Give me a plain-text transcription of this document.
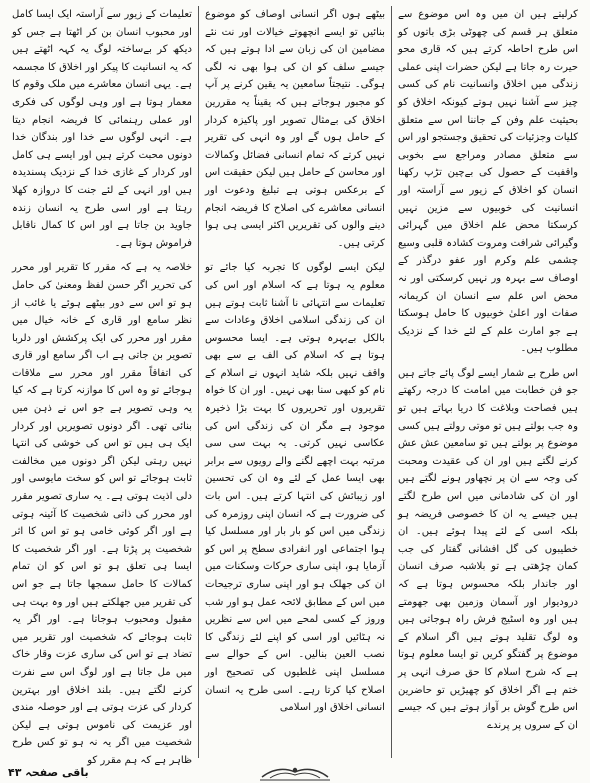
کرلیتے ہیں ان میں وہ اس موضوع سے متعلق ہر قسم کی چھوٹی بڑی باتوں کو اس طرح احاطہ کرتے ہیں کہ قاری محو حیرت رہ جاتا ہے لیکن حضرات اپنی عملی زندگی میں اخلاق وانسانیت نام کی کسی چیز سے آشنا نہیں ہوتے کیونکہ اخلاق کو بحیثیت علم وفن کے جاننا اس سے متعلق کلیات وجزئیات کی تحقیق وجستجو اور اس سے متعلق مصادر ومراجع سے بخوبی واقفیت کے حصول کی بےچین تڑپ رکھنا انسان کو اخلاق کے زیور سے آراستہ اور انسانیت کی خوبیوں سے مزین نہیں کرسکتا محض علم اخلاق میں گہرائی وگیرائی شرافت ومروت کشادہ قلبی وسیع چشمی علم وکرم اور عفو درگذر کے اوصاف سے بہرہ ور نہیں کرسکتی اور نہ محض اس علم سے انسان ان کریمانہ صفات اور اعلیٰ خوبیوں کا حامل ہوسکتا ہے جو امارت علم کے لئے خدا کے نزدیک مطلوب ہیں۔

اس طرح بے شمار ایسے لوگ پائے جاتے ہیں جو فن خطابت میں امامت کا درجہ رکھتے ہیں فصاحت وبلاغت کا دریا بہاتے ہیں تو وہ جب بولتے ہیں تو موتی رولتے ہیں کسی موضوع پر بولتے ہیں تو سامعین عش عش کرنے لگتے ہیں اور ان کی عقیدت ومحبت کی وجہ سے ان پر نچھاور ہونے لگتے ہیں اور ان کی شادمانی میں اس طرح لگتے ہیں جیسے یہ ان کا خصوصی فریضہ ہو بلکہ اسی کے لئے پیدا ہوئے ہیں۔ ان خطیبوں کی گل افشانی گفتار کی جب کمان چڑھتی ہے تو بلاشبہ صرف انسان اور جاندار بلکہ محسوس ہوتا ہے کہ درودیوار اور آسمان وزمین بھی جھومتے ہیں اور وہ اسٹیج فرش راہ ہوجاتی ہیں وہ لوگ تقلید ہوتے ہیں اگر اسلام کے موضوع پر گفتگو کریں تو ایسا معلوم ہوتا ہے کہ شرح اسلام کا حق صرف انہی پر ختم ہے اگر اخلاق کو چھیڑیں تو حاضرین اس طرح گوش بر آواز ہوتے ہیں کہ جیسے ان کے سروں پر پرندے

بیٹھے ہوں اگر انسانی اوصاف کو موضوع بنائیں تو ایسے انچھوتے خیالات اور نت نئے مضامین ان کی زبان سے ادا ہوتے ہیں کہ جیسے سلف کو ان کی ہوا بھی نہ لگی ہوگی۔ نتیجتاً سامعین یہ یقین کرنے پر آپ کو مجبور ہوجاتے ہیں کہ یقیناً یہ مقررین اخلاق کی بےمثال تصویر اور پاکیزہ کردار کے حامل ہوں گے اور وہ انہی کی تقریر نہیں کرتے کہ تمام انسانی فضائل وکمالات اور محاسن کے حامل ہیں لیکن حقیقت اس کے برعکس ہوتی ہے تبلیغ ودعوت اور انسانی معاشرے کی اصلاح کا فریضہ انجام دینے والوں کی تقریریں اکثر ایسی ہی ہوا کرتی ہیں۔

لیکن ایسے لوگوں کا تجربہ کیا جائے تو معلوم یہ ہوتا ہے کہ اسلام اور اس کی تعلیمات سے انتہائی نا آشنا ثابت ہوتے ہیں ان کی زندگی اسلامی اخلاق وعادات سے بالکل بےبہرہ ہوتی ہے۔ ایسا محسوس ہوتا ہے کہ اسلام کی الف بے سے بھی واقف نہیں بلکہ شاید انہوں نے اسلام کے نام کو کبھی سنا بھی نہیں۔ اور ان کا خواہ تقریروں اور تحریروں کا بہت بڑا ذخیرہ موجود ہے مگر ان کی زندگی اس کی عکاسی نہیں کرتی۔ یہ بہت سی سی مرتبہ بہت اچھے لگنے والے رویوں سے برابر بھی ایسا عمل کے لئے وہ ان کی تحسین اور زیبائش کی انتہا کرتے ہیں۔ اس بات کی ضرورت ہے کہ انسان اپنی روزمرہ کی زندگی میں اس کو بار بار اور مسلسل کیا ہوا اجتماعی اور انفرادی سطح پر اس کو آزمایا ہو، اپنی ساری حرکات وسکنات میں ان کی جھلک ہو اور اپنی ساری ترجیحات میں اس کے مطابق لائحہ عمل ہو اور شب وروز کے کسی لمحے میں اس سے نظریں نہ ہٹائیں اور اسی کو اپنے لئے زندگی کا نصب العین بنالیں۔ اس کے حوالے سے مسلسل اپنی غلطیوں کی تصحیح اور اصلاح کیا کرتا رہے۔ اسی طرح یہ انسان انسانی اخلاق اور اسلامی

تعلیمات کے زیور سے آراستہ ایک ایسا کامل اور محبوب انسان بن کر اٹھتا ہے جس کو دیکھ کر بےساختہ لوگ یہ کہہ اٹھتے ہیں کہ یہ انسانیت کا پیکر اور اخلاق کا مجسمہ ہے۔ یہی انسان معاشرے میں ملک وقوم کا معمار ہوتا ہے اور وہی لوگوں کی فکری اور عملی رہنمائی کا فریضہ انجام دیتا ہے۔ انہی لوگوں سے خدا اور بندگان خدا دونوں محبت کرتے ہیں اور ایسے ہی کامل اور کردار کے غازی خدا کے نزدیک پسندیدہ ہیں اور انہی کے لئے جنت کا دروازہ کھلا رہتا ہے اور اسی طرح یہ انسان زندہ جاوید بن جاتا ہے اور اس کا کمال ناقابل فراموش ہوتا ہے۔

خلاصہ یہ ہے کہ مقرر کا تقریر اور محرر کی تحریر اگر حسن لفظ ومعنیٰ کی حامل ہو تو اس سے دور بیٹھے ہوئے یا غائب از نظر سامع اور قاری کے خانہ خیال میں مقرر اور محرر کی ایک پرکشش اور دلربا تصویر بن جاتی ہے اب اگر سامع اور قاری کی اتفاقاً مقرر اور محرر سے ملاقات ہوجائے تو وہ اس کا موازنہ کرتا ہے کہ کیا یہ وہی تصویر ہے جو اس نے ذہن میں بنائی تھی۔ اگر دونوں تصویریں اور کردار ایک ہی ہیں تو اس کی خوشی کی انتہا نہیں رہتی لیکن اگر دونوں میں مخالفت ثابت ہوجائے تو اس کو سخت مایوسی اور دلی اذیت ہوتی ہے۔ یہ ساری تصویر مقرر اور محرر کی ذاتی شخصیت کا آئینہ ہوتی ہے اور اگر کوئی خامی ہو تو اس کا اثر شخصیت پر پڑتا ہے۔ اور اگر شخصیت کا ایسا ہی تعلق ہو تو اس کو ان تمام کمالات کا حامل سمجھا جاتا ہے جو اس کی تقریر میں جھلکتے ہیں اور وہ بہت ہی مقبول ومحبوب ہوجاتا ہے۔ اور اگر یہ ثابت ہوجائے کہ شخصیت اور تقریر میں تضاد ہے تو اس کی ساری عزت وقار خاک میں مل جاتا ہے اور لوگ اس سے نفرت کرنے لگتے ہیں۔ بلند اخلاق اور بہترین کردار کی عزت ہوتی ہے اور حوصلہ مندی اور عزیمت کی ناموس ہوتی ہے لیکن شخصیت میں اگر یہ نہ ہو تو کس طرح ظاہر ہے کہ ہم مقرر کو

باقی صفحہ ۴۳
